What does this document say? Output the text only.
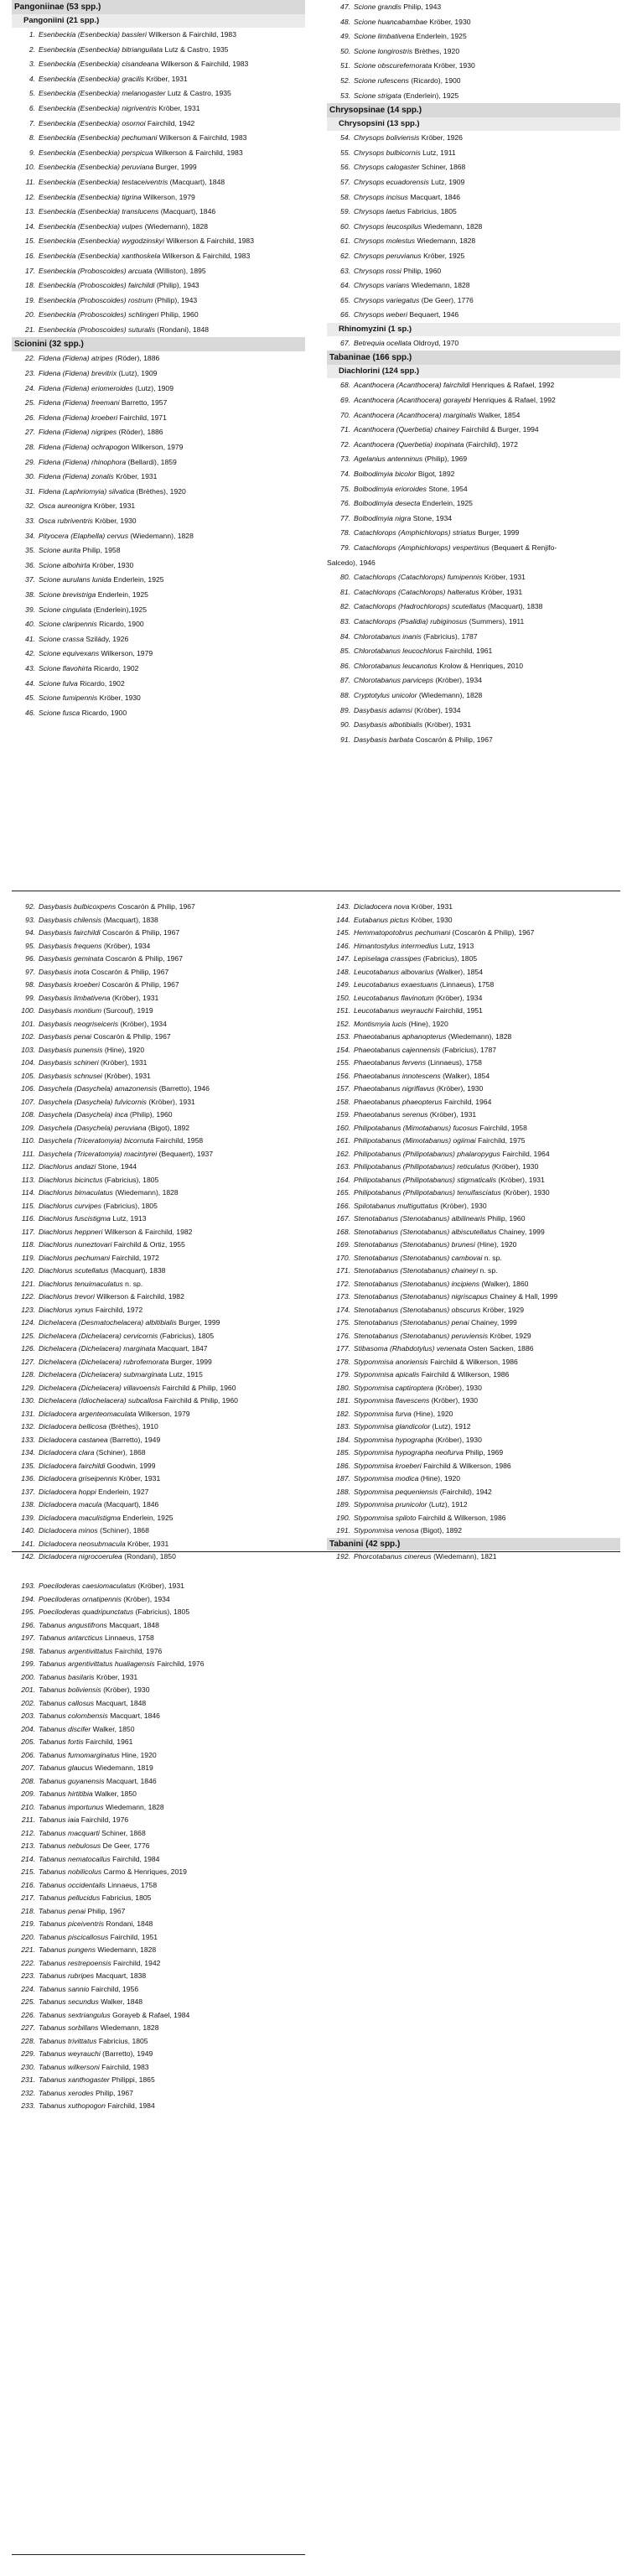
Pangoniinae (53 spp.)
Pangoniini (21 spp.)
1. Esenbeckia (Esenbeckia) bassleri Wilkerson & Fairchild, 1983
2. Esenbeckia (Esenbeckia) bitrianguilata Lutz & Castro, 1935
3. Esenbeckia (Esenbeckia) cisandeana Wilkerson & Fairchild, 1983
4. Esenbeckia (Esenbeckia) gracilis Kröber, 1931
5. Esenbeckia (Esenbeckia) melanogaster Lutz & Castro, 1935
6. Esenbeckia (Esenbeckia) nigriventris Kröber, 1931
7. Esenbeckia (Esenbeckia) osornoi Fairchild, 1942
8. Esenbeckia (Esenbeckia) pechumani Wilkerson & Fairchild, 1983
9. Esenbeckia (Esenbeckia) perspicua Wilkerson & Fairchild, 1983
10. Esenbeckia (Esenbeckia) peruviana Burger, 1999
11. Esenbeckia (Esenbeckia) testaceiventris (Macquart), 1848
12. Esenbeckia (Esenbeckia) tigrina Wilkerson, 1979
13. Esenbeckia (Esenbeckia) translucens (Macquart), 1846
14. Esenbeckia (Esenbeckia) vulpes (Wiedemann), 1828
15. Esenbeckia (Esenbeckia) wygodzinskyi Wilkerson & Fairchild, 1983
16. Esenbeckia (Esenbeckia) xanthoskela Wilkerson & Fairchild, 1983
17. Esenbeckia (Proboscoides) arcuata (Williston), 1895
18. Esenbeckia (Proboscoides) fairchildi (Philip), 1943
19. Esenbeckia (Proboscoides) rostrum (Philip), 1943
20. Esenbeckia (Proboscoides) schlingeri Philip, 1960
21. Esenbeckia (Proboscoides) suturalis (Rondani), 1848
Scionini (32 spp.)
22. Fidena (Fidena) atripes (Röder), 1886
23. Fidena (Fidena) brevitrix (Lutz), 1909
24. Fidena (Fidena) eriomeroides (Lutz), 1909
25. Fidena (Fidena) freemani Barretto, 1957
26. Fidena (Fidena) kroeberi Fairchild, 1971
27. Fidena (Fidena) nigripes (Röder), 1886
28. Fidena (Fidena) ochrapogon Wilkerson, 1979
29. Fidena (Fidena) rhinophora (Bellardi), 1859
30. Fidena (Fidena) zonalis Kröber, 1931
31. Fidena (Laphriomyia) silvatica (Brèthes), 1920
32. Osca aureonigra Kröber, 1931
33. Osca rubriventris Kröber, 1930
34. Pityocera (Elaphella) cervus (Wiedemann), 1828
35. Scione aurita Philip, 1958
36. Scione albohirta Kröber, 1930
37. Scione aurulans lunida Enderlein, 1925
38. Scione brevistriga Enderlein, 1925
39. Scione cingulata (Enderlein),1925
40. Scione claripennis Ricardo, 1900
41. Scione crassa Szilády, 1926
42. Scione equivexans Wilkerson, 1979
43. Scione flavohirta Ricardo, 1902
44. Scione fulva Ricardo, 1902
45. Scione fumipennis Kröber, 1930
46. Scione fusca Ricardo, 1900
47. Scione grandis Philip, 1943
48. Scione huancabambae Kröber, 1930
49. Scione limbativena Enderlein, 1925
50. Scione longirostris Brèthes, 1920
51. Scione obscurefemorata Kröber, 1930
52. Scione rufescens (Ricardo), 1900
53. Scione strigata (Enderlein), 1925
Chrysopsinae (14 spp.)
Chrysopsini (13 spp.)
54. Chrysops boliviensis Kröber, 1926
55. Chrysops bulbicornis Lutz, 1911
56. Chrysops calogaster Schiner, 1868
57. Chrysops ecuadorensis Lutz, 1909
58. Chrysops incisus Macquart, 1846
59. Chrysops laetus Fabricius, 1805
60. Chrysops leucospilus Wiedemann, 1828
61. Chrysops molestus Wiedemann, 1828
62. Chrysops peruvianus Kröber, 1925
63. Chrysops rossi Philip, 1960
64. Chrysops varians Wiedemann, 1828
65. Chrysops variegatus (De Geer), 1776
66. Chrysops weberi Bequaert, 1946
Rhinomyzini (1 sp.)
67. Betrequia ocellata Oldroyd, 1970
Tabaninae (166 spp.)
Diachlorini (124 spp.)
68. Acanthocera (Acanthocera) fairchildi Henriques & Rafael, 1992
69. Acanthocera (Acanthocera) gorayebi Henriques & Rafael, 1992
70. Acanthocera (Acanthocera) marginalis Walker, 1854
71. Acanthocera (Querbetia) chainey Fairchild & Burger, 1994
72. Acanthocera (Querbetia) inopinata (Fairchild), 1972
73. Agelanius antenninus (Philip), 1969
74. Bolbodimyia bicolor Bigot, 1892
75. Bolbodimyia erioroides Stone, 1954
76. Bolbodimyia desecta Enderlein, 1925
77. Bolbodimyia nigra Stone, 1934
78. Catachlorops (Amphichlorops) striatus Burger, 1999
79. Catachlorops (Amphichlorops) vespertinus (Bequaert & Renjifo-
Salcedo), 1946
80. Catachlorops (Catachlorops) fumipennis Kröber, 1931
81. Catachlorops (Catachlorops) halteratus Kröber, 1931
82. Catachlorops (Hadrochlorops) scutellatus (Macquart), 1838
83. Catachlorops (Psalidia) rubiginosus (Summers), 1911
84. Chlorotabanus inanis (Fabricius), 1787
85. Chlorotabanus leucochlorus Fairchild, 1961
86. Chlorotabanus leucanotus Krolow & Henriques, 2010
87. Chlorotabanus parviceps (Kröber), 1934
88. Cryptotylus unicolor (Wiedemann), 1828
89. Dasybasis adamsi (Kröber), 1934
90. Dasybasis albotibialis (Kröber), 1931
91. Dasybasis barbata Coscarón & Philip, 1967
92. Dasybasis bulbicoxpens Coscarón & Philip, 1967
93. Dasybasis chilensis (Macquart), 1838
94. Dasybasis fairchildi Coscarón & Philip, 1967
95. Dasybasis frequens (Kröber), 1934
96. Dasybasis geminata Coscarón & Philip, 1967
97. Dasybasis inota Coscarón & Philip, 1967
98. Dasybasis kroeberi Coscarón & Philip, 1967
99. Dasybasis limbativena (Kröber), 1931
100. Dasybasis montium (Surcouf), 1919
101. Dasybasis neogriseiceris (Kröber), 1934
102. Dasybasis penai Coscarón & Philip, 1967
103. Dasybasis punensis (Hine), 1920
104. Dasybasis schineri (Kröber), 1931
105. Dasybasis schnusei (Kröber), 1931
106. Dasychela (Dasychela) amazonensis (Barretto), 1946
107. Dasychela (Dasychela) fulvicornis (Kröber), 1931
108. Dasychela (Dasychela) inca (Philip), 1960
109. Dasychela (Dasychela) peruviana (Bigot), 1892
110. Dasychela (Triceratomyia) bicornuta Fairchild, 1958
111. Dasychela (Triceratomyia) macintyrei (Bequaert), 1937
112. Diachlorus andazi Stone, 1944
113. Diachlorus bicinctus (Fabricius), 1805
114. Diachlorus bimaculatus (Wiedemann), 1828
115. Diachlorus curvipes (Fabricius), 1805
116. Diachlorus fuscistigma Lutz, 1913
117. Diachlorus heppneri Wilkerson & Fairchild, 1982
118. Diachlorus nuneztovari Fairchild & Ortiz, 1955
119. Diachlorus pechumani Fairchild, 1972
120. Diachlorus scutellatus (Macquart), 1838
121. Diachlorus tenuimaculatus n. sp.
122. Diachlorus trevori Wilkerson & Fairchild, 1982
123. Diachlorus xynus Fairchild, 1972
124. Dichelacera (Desmatochelacera) albitibialis Burger, 1999
125. Dichelacera (Dichelacera) cervicornis (Fabricius), 1805
126. Dichelacera (Dichelacera) marginata Macquart, 1847
127. Dichelacera (Dichelacera) rubrofemorata Burger, 1999
128. Dichelacera (Dichelacera) submarginata Lutz, 1915
129. Dichelacera (Dichelacera) villavoensis Fairchild & Philip, 1960
130. Dichelacera (Idiochelacera) subcallosa Fairchild & Philip, 1960
131. Dicladocera argenteomaculata Wilkerson, 1979
132. Dicladocera bellicosa (Brèthes), 1910
133. Dicladocera castanea (Barretto), 1949
134. Dicladocera clara (Schiner), 1868
135. Dicladocera fairchildi Goodwin, 1999
136. Dicladocera griseipennis Kröber, 1931
137. Dicladocera hoppi Enderlein, 1927
138. Dicladocera macula (Macquart), 1846
139. Dicladocera maculistigma Enderlein, 1925
140. Dicladocera minos (Schiner), 1868
141. Dicladocera neosubmacula Kröber, 1931
142. Dicladocera nigrocoerulea (Rondani), 1850
143. Dicladocera nova Kröber, 1931
144. Eutabanus pictus Kröber, 1930
145. Hemmatopotobrus pechumani (Coscarón & Philip), 1967
146. Himantostylus intermedius Lutz, 1913
147. Lepiselaga crassipes (Fabricius), 1805
148. Leucotabanus albovarius (Walker), 1854
149. Leucotabanus exaestuans (Linnaeus), 1758
150. Leucotabanus flavinotum (Kröber), 1934
151. Leucotabanus weyrauchi Fairchild, 1951
152. Montismyia lucis (Hine), 1920
153. Phaeotabanus aphanopterus (Wiedemann), 1828
154. Phaeotabanus cajennensis (Fabricius), 1787
155. Phaeotabanus fervens (Linnaeus), 1758
156. Phaeotabanus innotescens (Walker), 1854
157. Phaeotabanus nigriflavus (Kröber), 1930
158. Phaeotabanus phaeopterus Fairchild, 1964
159. Phaeotabanus serenus (Kröber), 1931
160. Philipotabanus (Mimotabanus) fucosus Fairchild, 1958
161. Philipotabanus (Mimotabanus) ogiimai Fairchild, 1975
162. Philipotabanus (Philipotabanus) phalaropygus Fairchild, 1964
163. Philipotabanus (Philipotabanus) reticulatus (Kröber), 1930
164. Philipotabanus (Philipotabanus) stigmaticalis (Kröber), 1931
165. Philipotabanus (Philipotabanus) tenuifasciatus (Kröber), 1930
166. Spilotabanus multiguttatus (Kröber), 1930
167. Stenotabanus (Stenotabanus) albilinearis Philip, 1960
168. Stenotabanus (Stenotabanus) albiscutellatus Chainey, 1999
169. Stenotabanus (Stenotabanus) brunesi (Hine), 1920
170. Stenotabanus (Stenotabanus) cambovai n. sp.
171. Stenotabanus (Stenotabanus) chaineyi n. sp.
172. Stenotabanus (Stenotabanus) incipiens (Walker), 1860
173. Stenotabanus (Stenotabanus) nigriscapus Chainey & Hall, 1999
174. Stenotabanus (Stenotabanus) obscurus Kröber, 1929
175. Stenotabanus (Stenotabanus) penai Chainey, 1999
176. Stenotabanus (Stenotabanus) peruviensis Kröber, 1929
177. Stibasoma (Rhabdotylus) venenata Osten Sacken, 1886
178. Stypommisa anoriensis Fairchild & Wilkerson, 1986
179. Stypommisa apicalis Fairchild & Wilkerson, 1986
180. Stypommisa captiroptera (Kröber), 1930
181. Stypommisa flavescens (Kröber), 1930
182. Stypommisa furva (Hine), 1920
183. Stypommisa glandicolor (Lutz), 1912
184. Stypommisa hypographa (Kröber), 1930
185. Stypommisa hypographa neofurva Philip, 1969
186. Stypommisa kroeberi Fairchild & Wilkerson, 1986
187. Stypommisa modica (Hine), 1920
188. Stypommisa pequeniensis (Fairchild), 1942
189. Stypommisa prunicolor (Lutz), 1912
190. Stypommisa spiloto Fairchild & Wilkerson, 1986
191. Stypommisa venosa (Bigot), 1892
Tabanini (42 spp.)
192. Phorcotabanus cinereus (Wiedemann), 1821
193. Poeciloderas caesiomaculatus (Kröber), 1931
194. Poeciloderas ornatipennis (Kröber), 1934
195. Poeciloderas quadripunctatus (Fabricius), 1805
196. Tabanus angustifrons Macquart, 1848
197. Tabanus antarcticus Linnaeus, 1758
198. Tabanus argentivittatus Fairchild, 1976
199. Tabanus argentivittatus hualiagensis Fairchild, 1976
200. Tabanus basilaris Kröber, 1931
201. Tabanus boliviensis (Kröber), 1930
202. Tabanus callosus Macquart, 1848
203. Tabanus colombensis Macquart, 1846
204. Tabanus discifer Walker, 1850
205. Tabanus fortis Fairchild, 1961
206. Tabanus fumomarginatus Hine, 1920
207. Tabanus glaucus Wiedemann, 1819
208. Tabanus guyanensis Macquart, 1846
209. Tabanus hirtitibia Walker, 1850
210. Tabanus importunus Wiedemann, 1828
211. Tabanus iaia Fairchild, 1976
212. Tabanus macquarti Schiner, 1868
213. Tabanus nebulosus De Geer, 1776
214. Tabanus nematocallus Fairchild, 1984
215. Tabanus nobilicolus Carmo & Henriques, 2019
216. Tabanus occidentalis Linnaeus, 1758
217. Tabanus pellucidus Fabricius, 1805
218. Tabanus penai Philip, 1967
219. Tabanus piceiventris Rondani, 1848
220. Tabanus piscicallosus Fairchild, 1951
221. Tabanus pungens Wiedemann, 1828
222. Tabanus restrepoensis Fairchild, 1942
223. Tabanus rubripes Macquart, 1838
224. Tabanus sannio Fairchild, 1956
225. Tabanus secundus Walker, 1848
226. Tabanus sextriangulus Gorayeb & Rafael, 1984
227. Tabanus sorbillans Wiedemann, 1828
228. Tabanus trivittatus Fabricius, 1805
229. Tabanus weyrauchi (Barretto), 1949
230. Tabanus wilkersoni Fairchild, 1983
231. Tabanus xanthogaster Philippi, 1865
232. Tabanus xerodes Philip, 1967
233. Tabanus xuthopogon Fairchild, 1984
